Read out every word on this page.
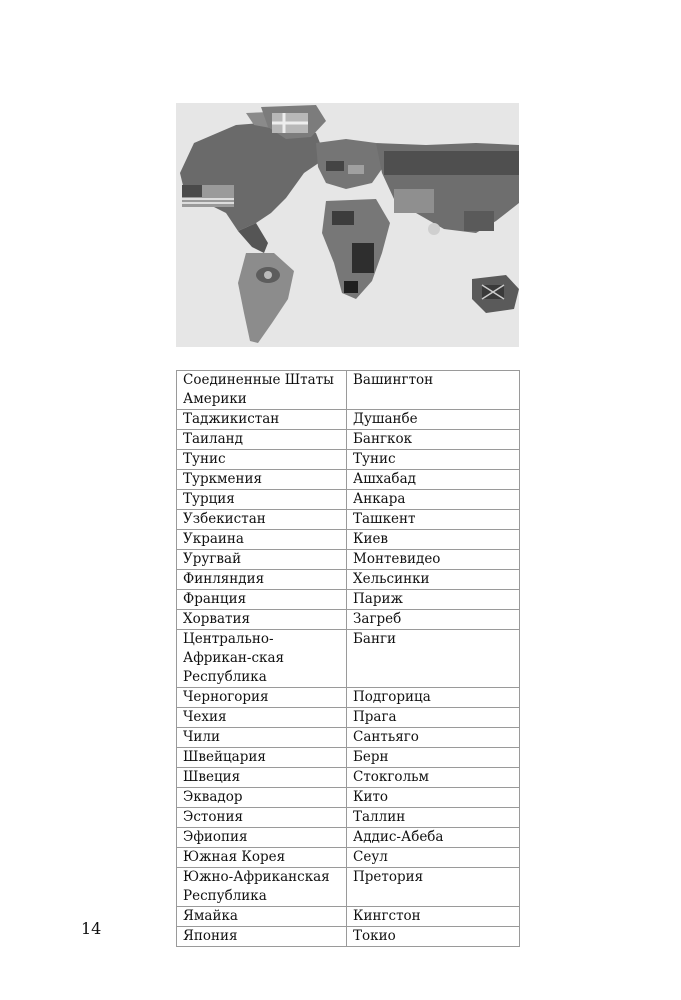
Соединенные Штаты Америки	Вашингтон
Таджикистан	Душанбе
Таиланд	Бангкок
Тунис	Тунис
Туркмения	Ашхабад
Турция	Анкара
Узбекистан	Ташкент
Украина	Киев
Уругвай	Монтевидео
Финляндия	Хельсинки
Франция	Париж
Хорватия	Загреб
Центрально-Африкан-ская Республика	Банги
Черногория	Подгорица
Чехия	Прага
Чили	Сантьяго
Швейцария	Берн
Швеция	Стокгольм
Эквадор	Кито
Эстония	Таллин
Эфиопия	Аддис-Абеба
Южная Корея	Сеул
Южно-Африканская Республика	Претория
Ямайка	Кингстон
Япония	Токио
14
